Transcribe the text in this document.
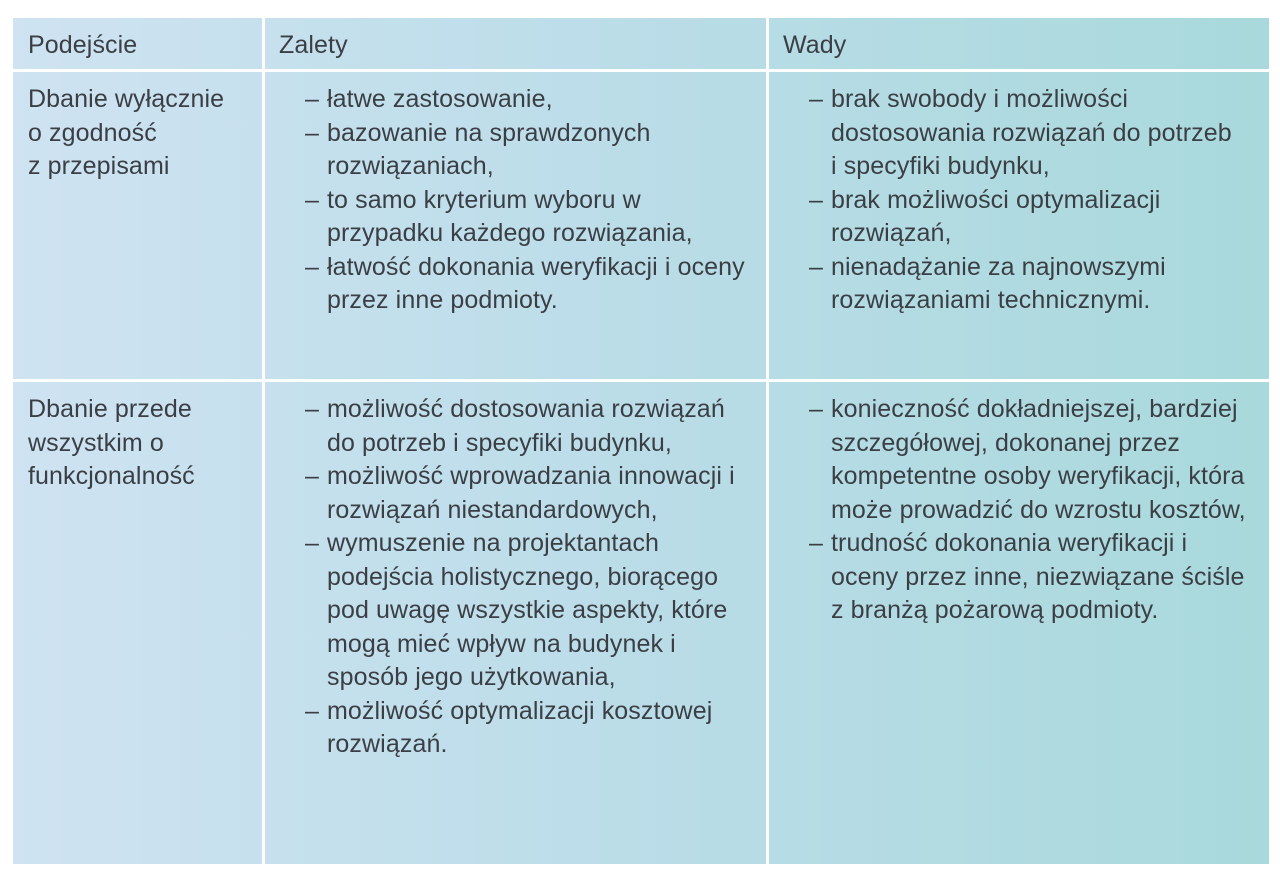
Podejście	Zalety	Wady
Dbanie wyłącznie
o zgodność
z przepisami
– łatwe zastosowanie,
– bazowanie na sprawdzonych rozwiązaniach,
– to samo kryterium wyboru w przypadku każdego rozwiązania,
– łatwość dokonania weryfikacji i oceny przez inne podmioty.
– brak swobody i możliwości dostosowania rozwiązań do potrzeb i specyfiki budynku,
– brak możliwości optymalizacji rozwiązań,
– nienadążanie za najnowszymi rozwiązaniami technicznymi.
Dbanie przede
wszystkim o
funkcjonalność
– możliwość dostosowania rozwiązań do potrzeb i specyfiki budynku,
– możliwość wprowadzania innowacji i rozwiązań niestandardowych,
– wymuszenie na projektantach podejścia holistycznego, biorącego pod uwagę wszystkie aspekty, które mogą mieć wpływ na budynek i sposób jego użytkowania,
– możliwość optymalizacji kosztowej rozwiązań.
– konieczność dokładniejszej, bardziej szczegółowej, dokonanej przez kompetentne osoby weryfikacji, która może prowadzić do wzrostu kosztów,
– trudność dokonania weryfikacji i oceny przez inne, niezwiązane ściśle z branżą pożarową podmioty.
